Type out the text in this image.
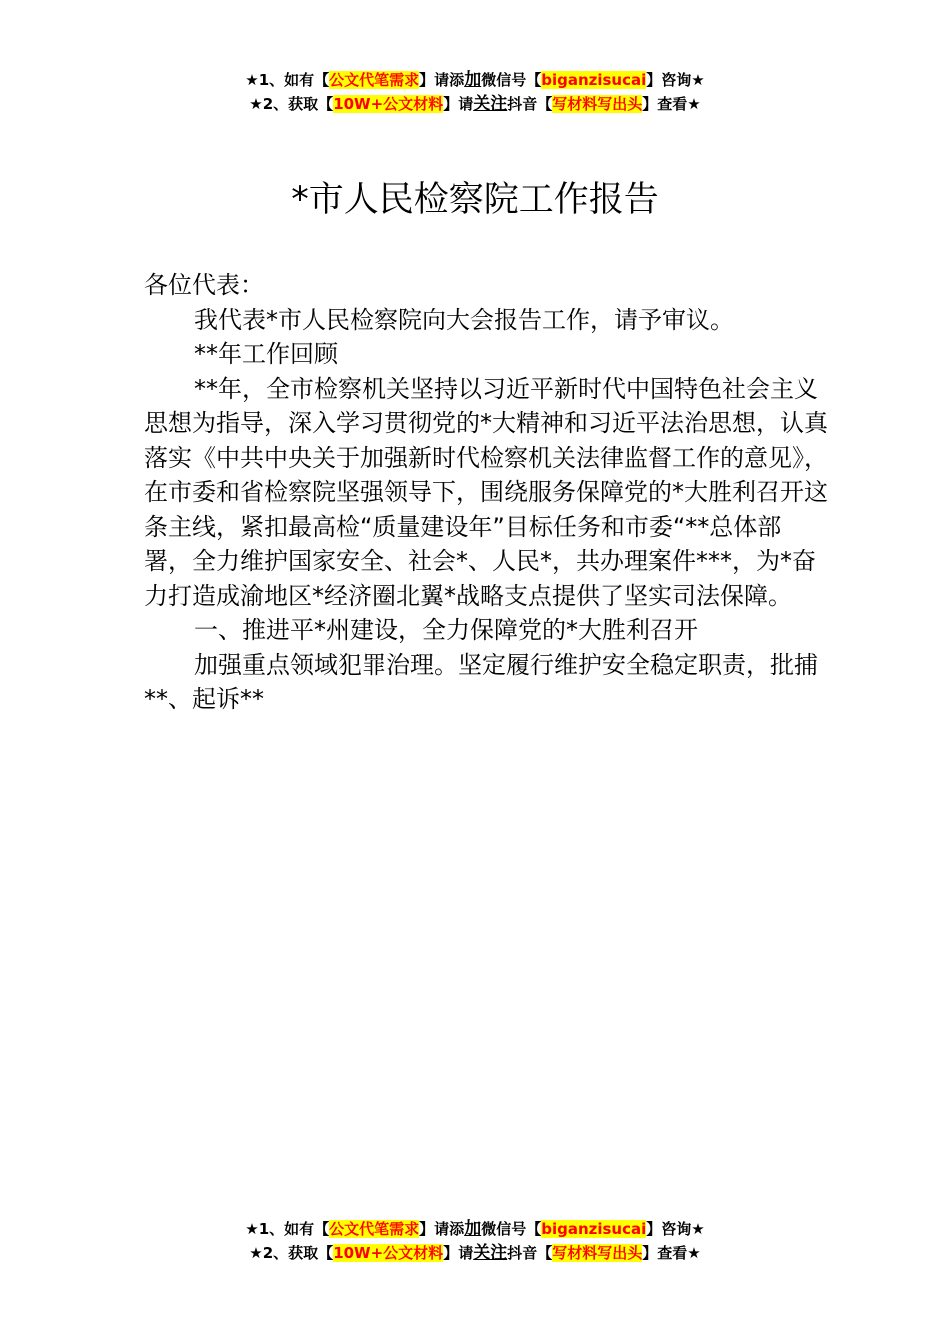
★1、如有【公文代笔需求】请添加微信号【biganzisucai】咨询★
★2、获取【10W+公文材料】请关注抖音【写材料写出头】查看★
*市人民检察院工作报告

各位代表：

我代表*市人民检察院向大会报告工作，请予审议。

**年工作回顾

**年，全市检察机关坚持以习近平新时代中国特色社会主义思想为指导，深入学习贯彻党的*大精神和习近平法治思想，认真落实《中共中央关于加强新时代检察机关法律监督工作的意见》，在市委和省检察院坚强领导下，围绕服务保障党的*大胜利召开这条主线，紧扣最高检“质量建设年”目标任务和市委“**总体部署，全力维护国家安全、社会*、人民*，共办理案件***，为*奋力打造成渝地区*经济圈北翼*战略支点提供了坚实司法保障。

一、推进平*州建设，全力保障党的*大胜利召开

加强重点领域犯罪治理。坚定履行维护安全稳定职责，批捕**、起诉**

★1、如有【公文代笔需求】请添加微信号【biganzisucai】咨询★
★2、获取【10W+公文材料】请关注抖音【写材料写出头】查看★
